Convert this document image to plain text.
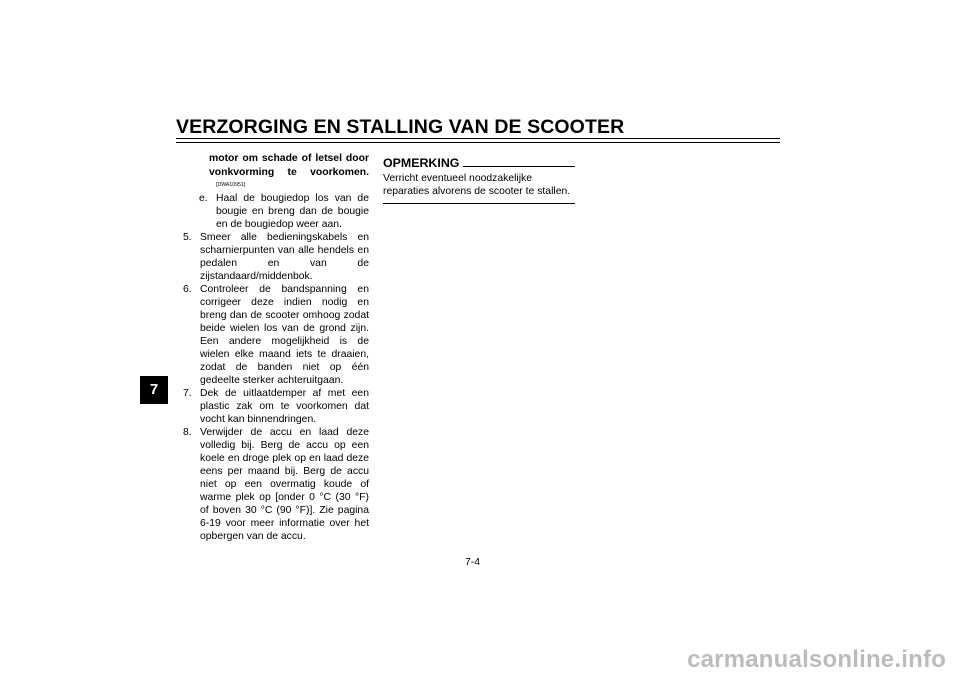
VERZORGING EN STALLING VAN DE SCOOTER
7

motor om schade of letsel door vonkvorming te voorkomen.

[DWA10951]
e. Haal de bougiedop los van de bougie en breng dan de bougie en de bougiedop weer aan.
5. Smeer alle bedieningskabels en scharnierpunten van alle hendels en pedalen en van de zijstandaard/middenbok.
6. Controleer de bandspanning en corrigeer deze indien nodig en breng dan de scooter omhoog zodat beide wielen los van de grond zijn. Een andere mogelijkheid is de wielen elke maand iets te draaien, zodat de banden niet op één gedeelte sterker achteruitgaan.
7. Dek de uitlaatdemper af met een plastic zak om te voorkomen dat vocht kan binnendringen.
8. Verwijder de accu en laad deze volledig bij. Berg de accu op een koele en droge plek op en laad deze eens per maand bij. Berg de accu niet op een overmatig koude of warme plek op [onder 0 °C (30 °F) of boven 30 °C (90 °F)]. Zie pagina 6-19 voor meer informatie over het opbergen van de accu.
OPMERKING
Verricht eventueel noodzakelijke reparaties alvorens de scooter te stallen.
7-4
carmanualsonline.info
